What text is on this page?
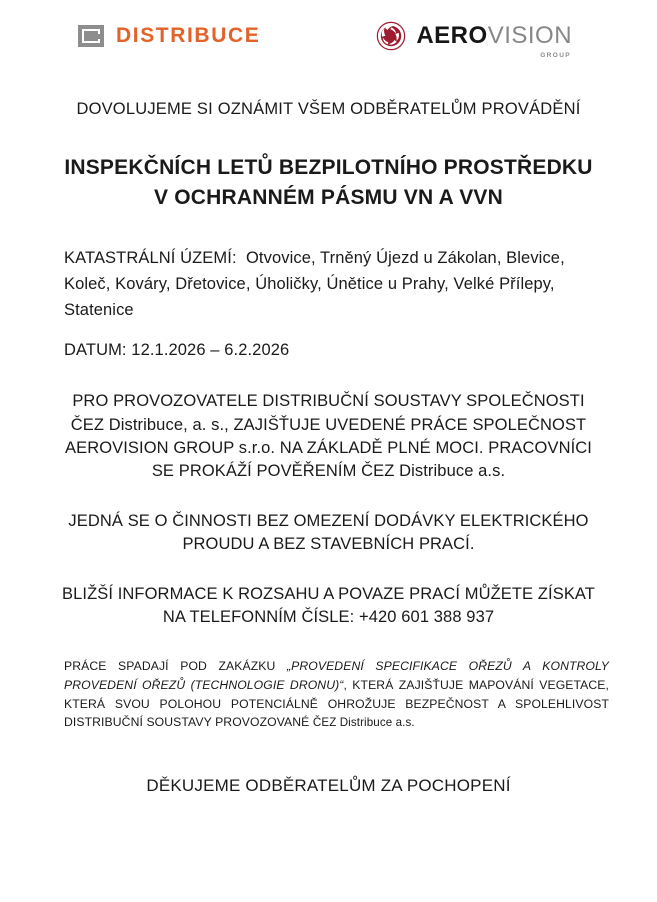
DISTRIBUCE	AEROVISION
GROUP
DOVOLUJEME SI OZNÁMIT VŠEM ODBĚRATELŮM PROVÁDĚNÍ
INSPEKČNÍCH LETŮ BEZPILOTNÍHO PROSTŘEDKU V OCHRANNÉM PÁSMU VN A VVN
KATASTRÁLNÍ ÚZEMÍ: Otvovice, Trněný Újezd u Zákolan, Blevice, Koleč, Kováry, Dřetovice, Úholičky, Únětice u Prahy, Velké Přílepy, Statenice
DATUM: 12.1.2026 – 6.2.2026
PRO PROVOZOVATELE DISTRIBUČNÍ SOUSTAVY SPOLEČNOSTI ČEZ Distribuce, a. s., ZAJIŠŤUJE UVEDENÉ PRÁCE SPOLEČNOST AEROVISION GROUP s.r.o. NA ZÁKLADĚ PLNÉ MOCI. PRACOVNÍCI SE PROKÁŽÍ POVĚŘENÍM ČEZ Distribuce a.s.
JEDNÁ SE O ČINNOSTI BEZ OMEZENÍ DODÁVKY ELEKTRICKÉHO PROUDU A BEZ STAVEBNÍCH PRACÍ.
BLIŽŠÍ INFORMACE K ROZSAHU A POVAZE PRACÍ MŮŽETE ZÍSKAT NA TELEFONNÍM ČÍSLE: +420 601 388 937
PRÁCE SPADAJÍ POD ZAKÁZKU „PROVEDENÍ SPECIFIKACE OŘEZŮ A KONTROLY PROVEDENÍ OŘEZŮ (TECHNOLOGIE DRONU)“, KTERÁ ZAJIŠŤUJE MAPOVÁNÍ VEGETACE, KTERÁ SVOU POLOHOU POTENCIÁLNĚ OHROŽUJE BEZPEČNOST A SPOLEHLIVOST DISTRIBUČNÍ SOUSTAVY PROVOZOVANÉ ČEZ Distribuce a.s.
DĚKUJEME ODBĚRATELŮM ZA POCHOPENÍ
